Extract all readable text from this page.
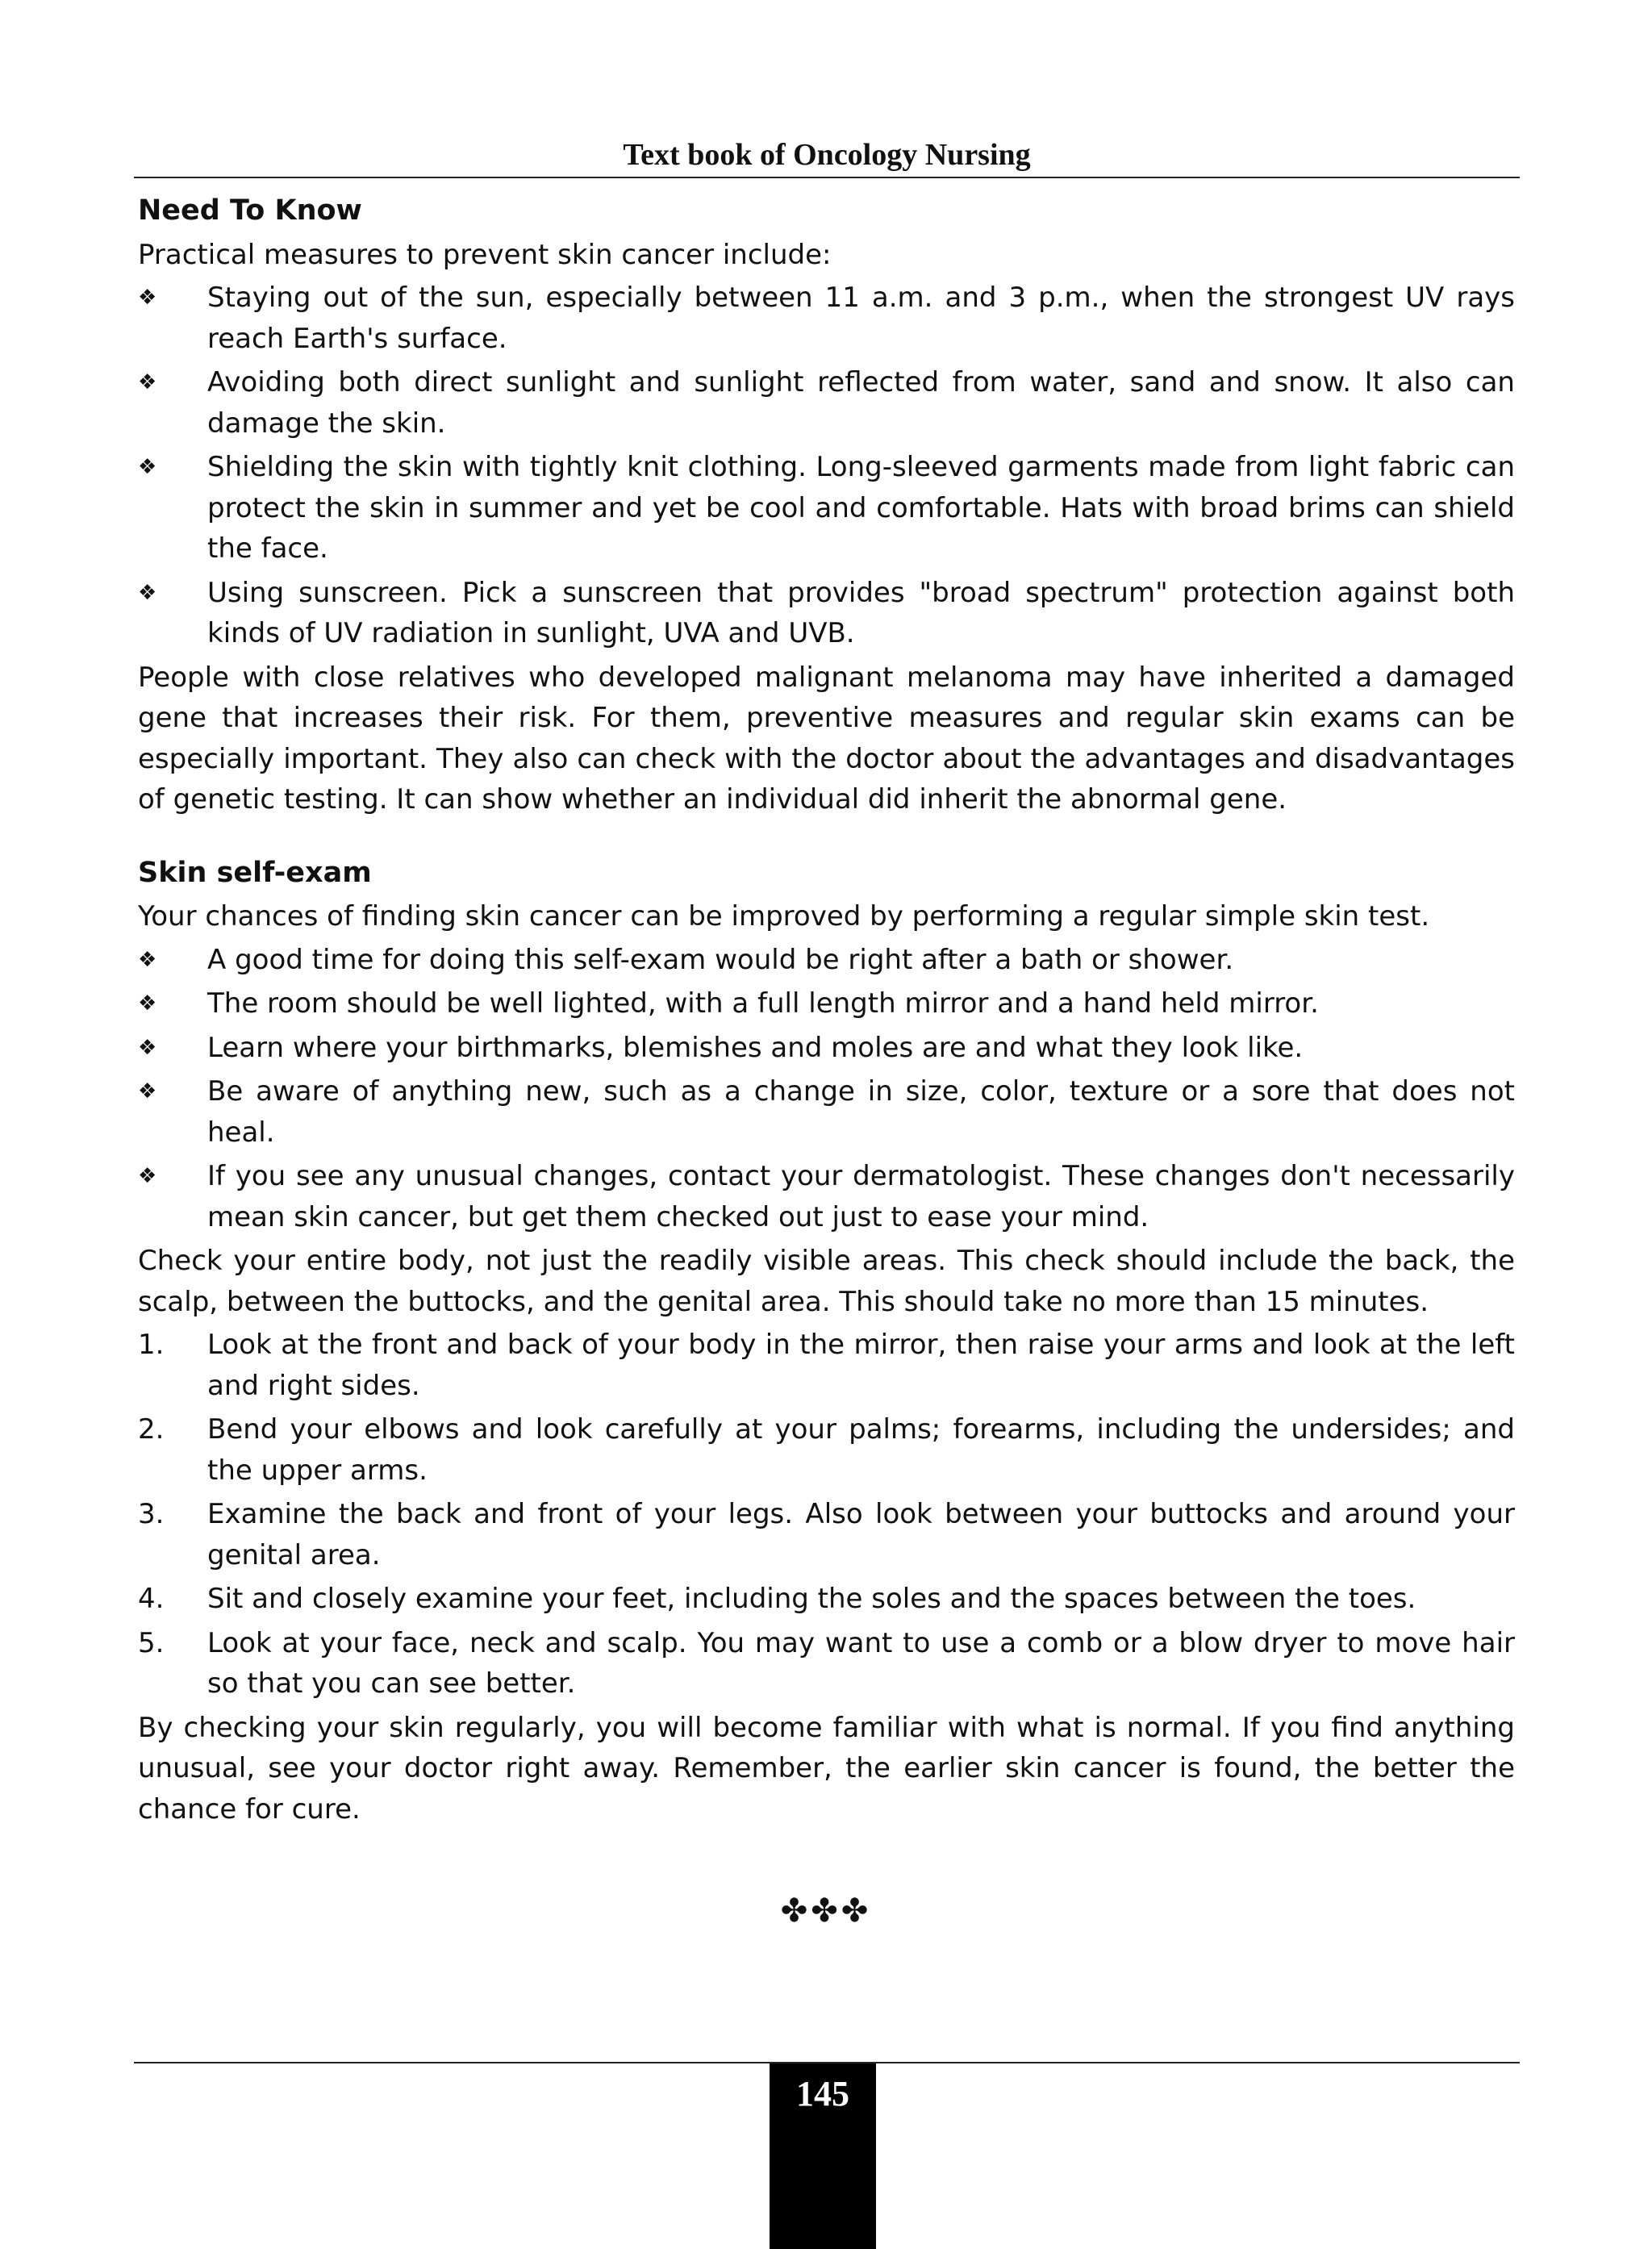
Text book of Oncology Nursing
Need To Know

Practical measures to prevent skin cancer include:

❖	Staying out of the sun, especially between 11 a.m. and 3 p.m., when the strongest UV rays reach Earth's surface.
❖	Avoiding both direct sunlight and sunlight reflected from water, sand and snow. It also can damage the skin.
❖	Shielding the skin with tightly knit clothing. Long-sleeved garments made from light fabric can protect the skin in summer and yet be cool and comfortable. Hats with broad brims can shield the face.
❖	Using sunscreen. Pick a sunscreen that provides "broad spectrum" protection against both kinds of UV radiation in sunlight, UVA and UVB.

People with close relatives who developed malignant melanoma may have inherited a damaged gene that increases their risk. For them, preventive measures and regular skin exams can be especially important. They also can check with the doctor about the advantages and disadvantages of genetic testing. It can show whether an individual did inherit the abnormal gene.

Skin self-exam

Your chances of finding skin cancer can be improved by performing a regular simple skin test.

❖	A good time for doing this self-exam would be right after a bath or shower.
❖	The room should be well lighted, with a full length mirror and a hand held mirror.
❖	Learn where your birthmarks, blemishes and moles are and what they look like.
❖	Be aware of anything new, such as a change in size, color, texture or a sore that does not heal.
❖	If you see any unusual changes, contact your dermatologist. These changes don't necessarily mean skin cancer, but get them checked out just to ease your mind.

Check your entire body, not just the readily visible areas. This check should include the back, the scalp, between the buttocks, and the genital area. This should take no more than 15 minutes.

1.	Look at the front and back of your body in the mirror, then raise your arms and look at the left and right sides.
2.	Bend your elbows and look carefully at your palms; forearms, including the undersides; and the upper arms.
3.	Examine the back and front of your legs. Also look between your buttocks and around your genital area.
4.	Sit and closely examine your feet, including the soles and the spaces between the toes.
5.	Look at your face, neck and scalp. You may want to use a comb or a blow dryer to move hair so that you can see better.

By checking your skin regularly, you will become familiar with what is normal. If you find anything unusual, see your doctor right away. Remember, the earlier skin cancer is found, the better the chance for cure.

✤✤✤
145
